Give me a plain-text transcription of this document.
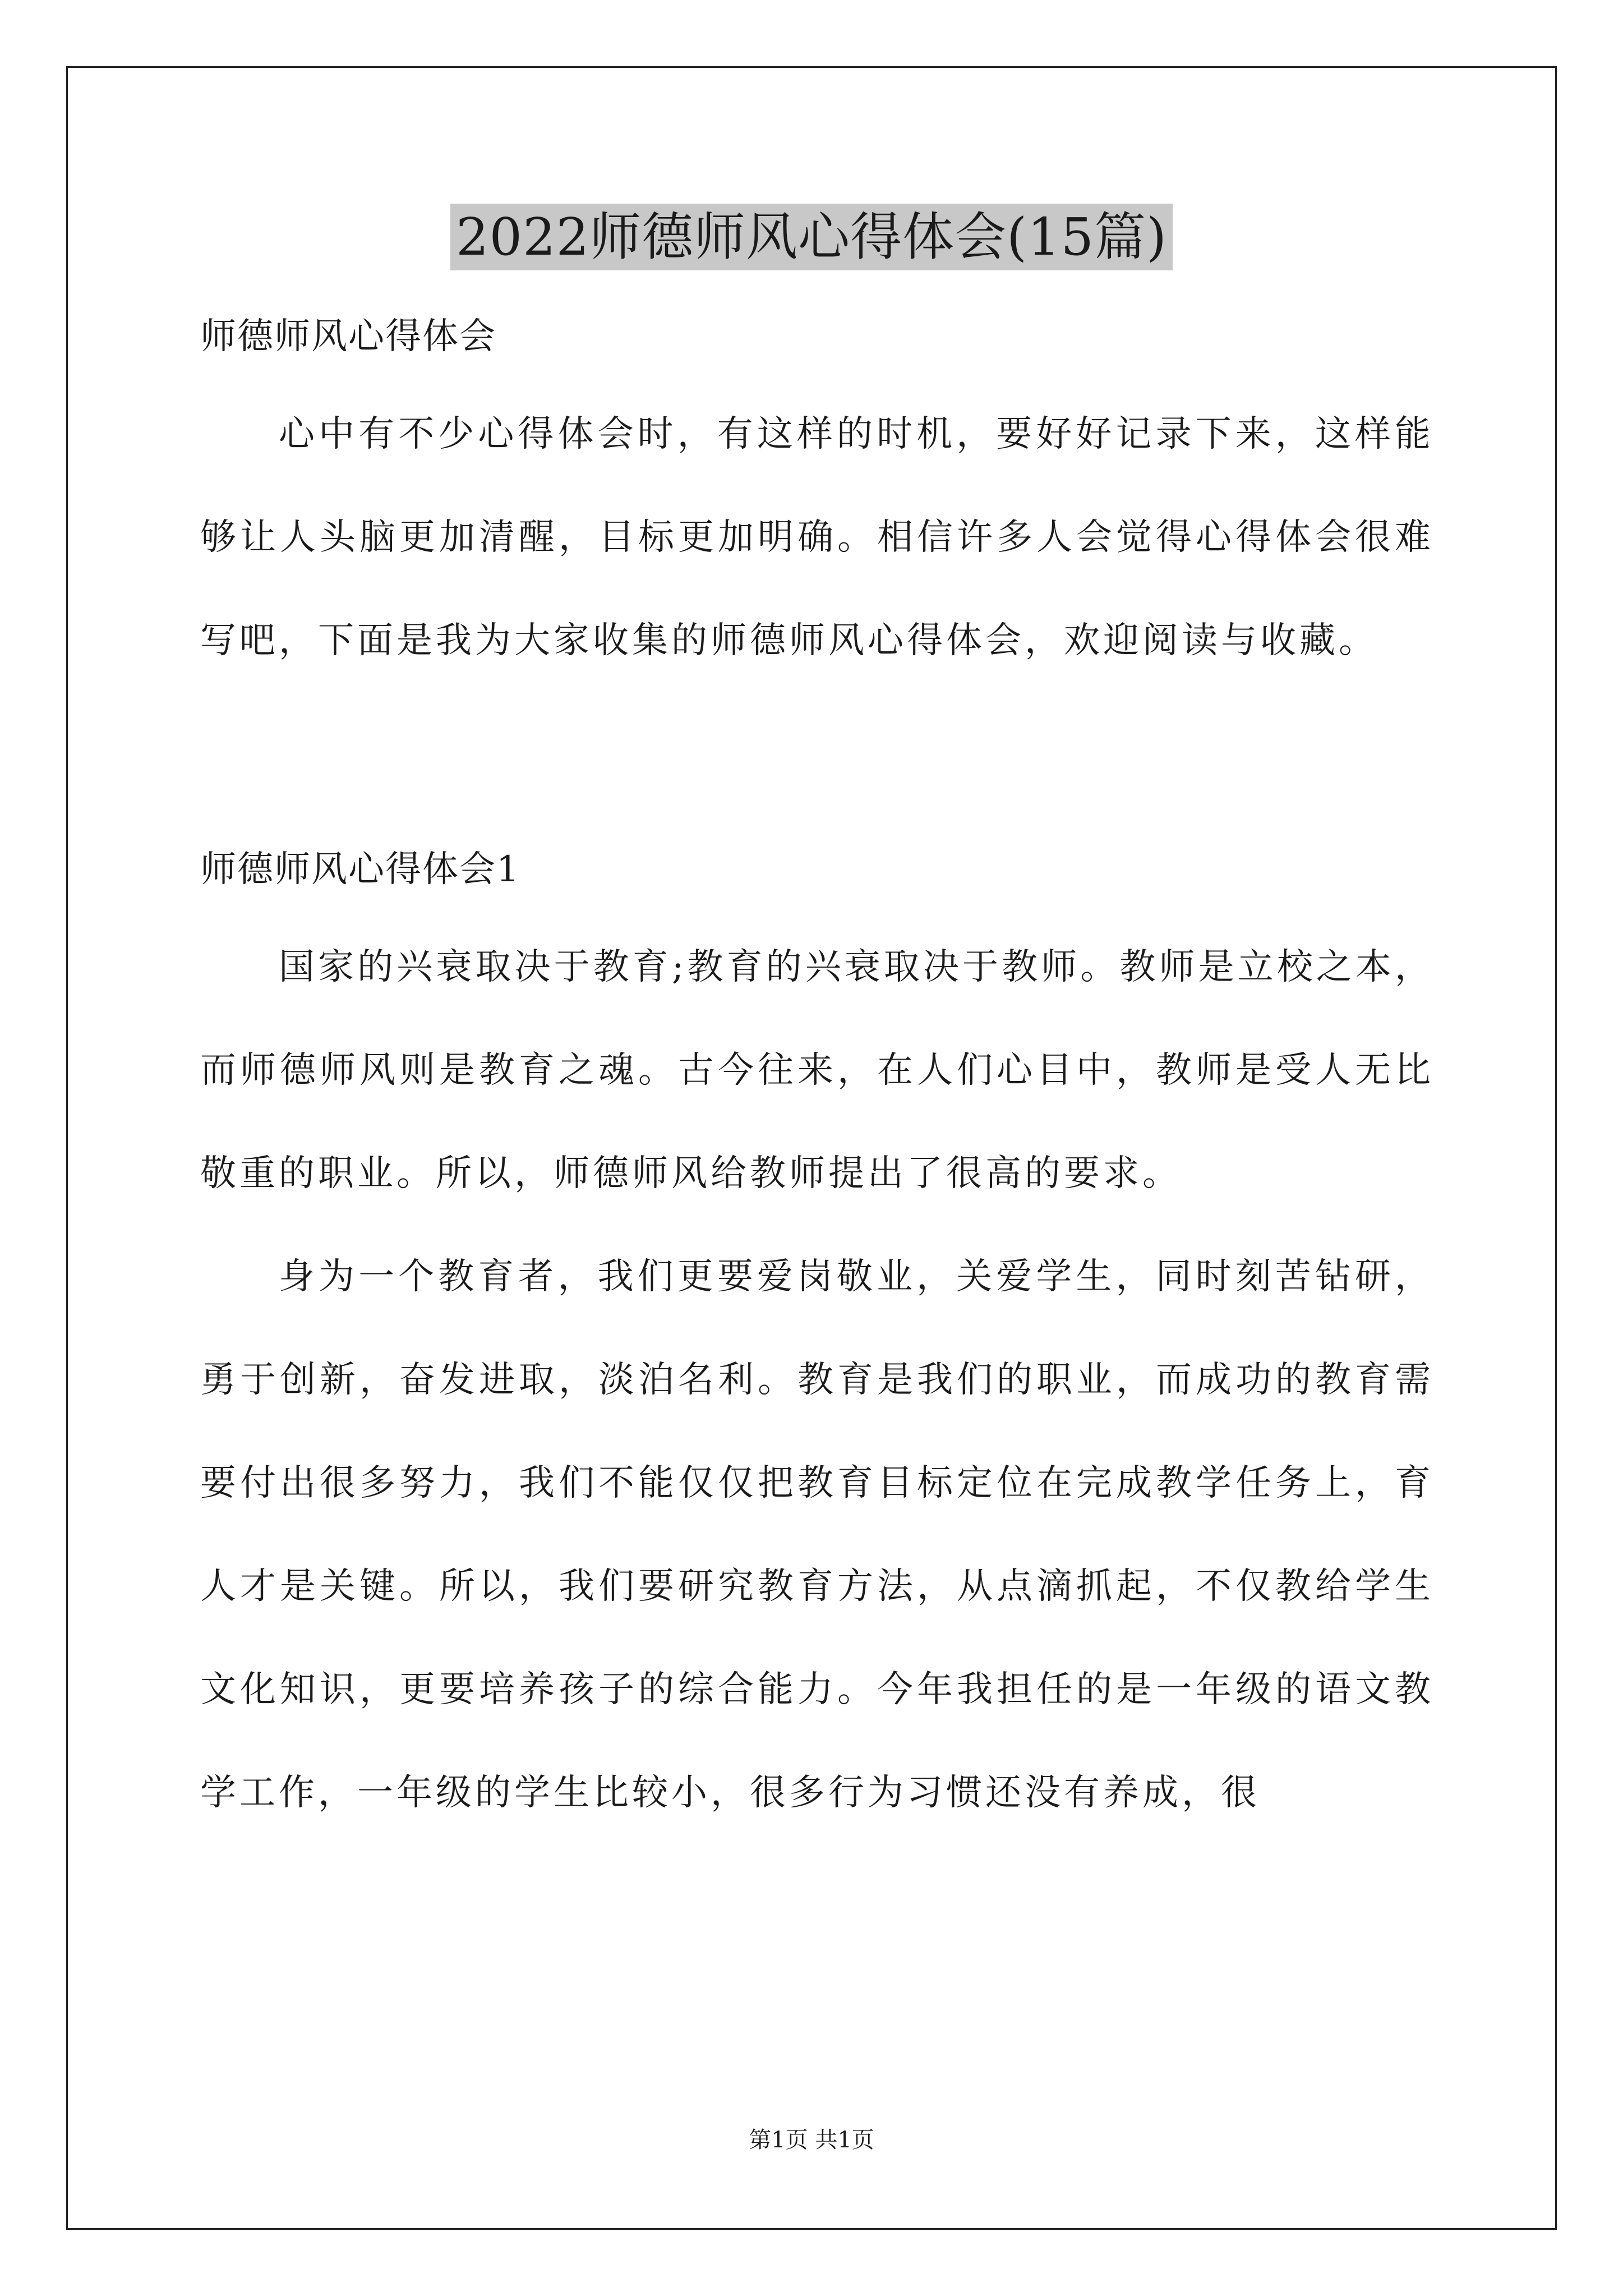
2022师德师风心得体会(15篇)

师德师风心得体会

心中有不少心得体会时，有这样的时机，要好好记录下来，这样能够让人头脑更加清醒，目标更加明确。相信许多人会觉得心得体会很难写吧，下面是我为大家收集的师德师风心得体会，欢迎阅读与收藏。

师德师风心得体会1

国家的兴衰取决于教育;教育的兴衰取决于教师。教师是立校之本，而师德师风则是教育之魂。古今往来，在人们心目中，教师是受人无比敬重的职业。所以，师德师风给教师提出了很高的要求。

身为一个教育者，我们更要爱岗敬业，关爱学生，同时刻苦钻研，勇于创新，奋发进取，淡泊名利。教育是我们的职业，而成功的教育需要付出很多努力，我们不能仅仅把教育目标定位在完成教学任务上，育人才是关键。所以，我们要研究教育方法，从点滴抓起，不仅教给学生文化知识，更要培养孩子的综合能力。今年我担任的是一年级的语文教学工作，一年级的学生比较小，很多行为习惯还没有养成，很

第1页 共1页
